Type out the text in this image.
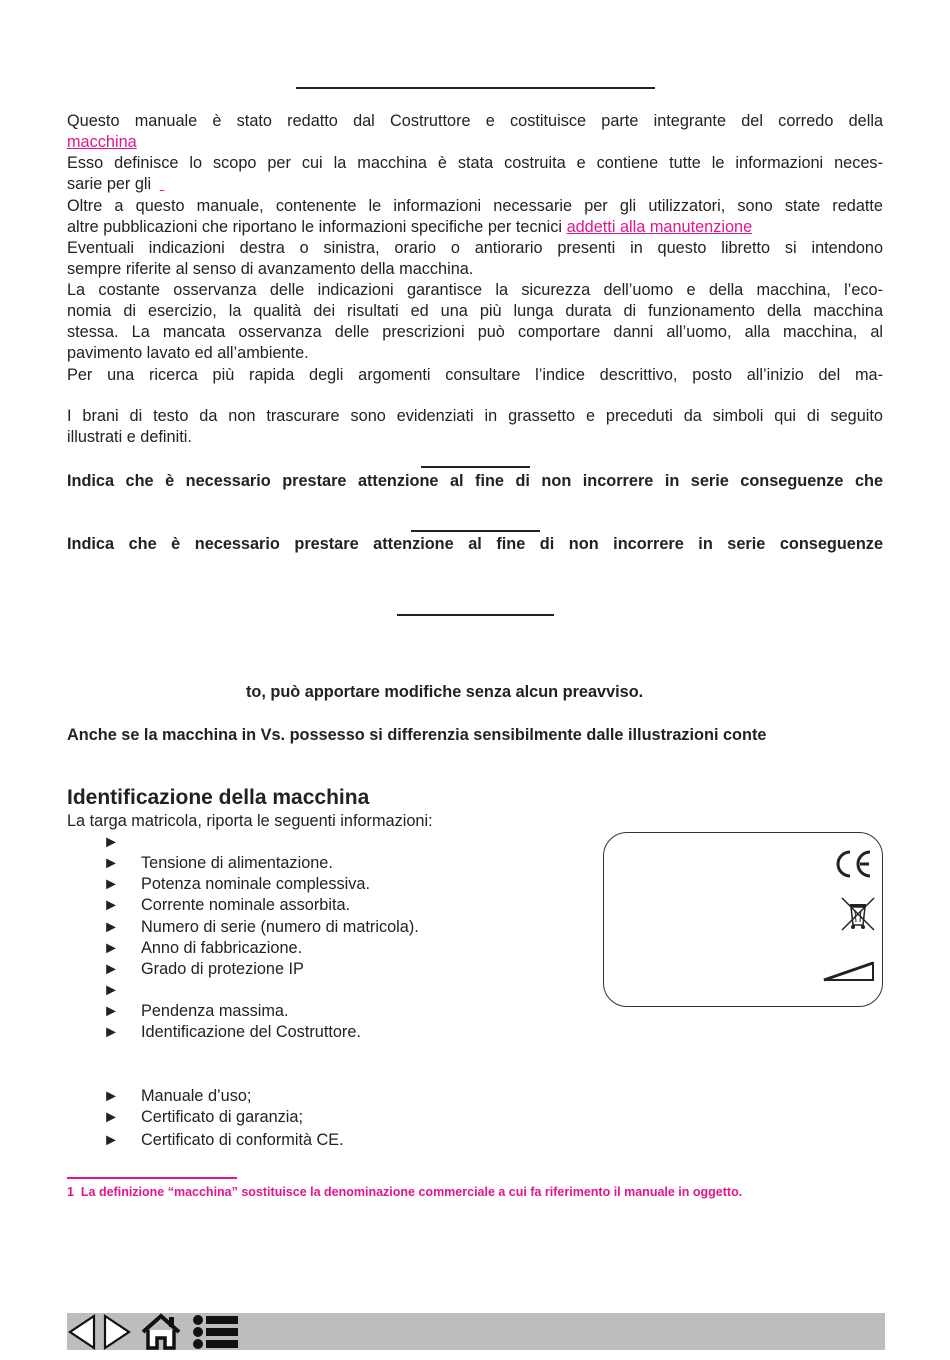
Questo manuale è stato redatto dal Costruttore e costituisce parte integrante del corredo della
macchina
Esso definisce lo scopo per cui la macchina è stata costruita e contiene tutte le informazioni neces-
sarie per gli
Oltre a questo manuale, contenente le informazioni necessarie per gli utilizzatori, sono state redatte
altre pubblicazioni che riportano le informazioni specifiche per tecnici addetti alla manutenzione
Eventuali indicazioni destra o sinistra, orario o antiorario presenti in questo libretto si intendono
sempre riferite al senso di avanzamento della macchina.
La costante osservanza delle indicazioni garantisce la sicurezza dell’uomo e della macchina, l’eco-
nomia di esercizio, la qualità dei risultati ed una più lunga durata di funzionamento della macchina
stessa. La mancata osservanza delle prescrizioni può comportare danni all’uomo, alla macchina, al
pavimento lavato ed all’ambiente.
Per una ricerca più rapida degli argomenti consultare l’indice descrittivo, posto all’inizio del ma-
I brani di testo da non trascurare sono evidenziati in grassetto e preceduti da simboli qui di seguito
illustrati e definiti.
Indica che è necessario prestare attenzione al fine di non incorrere in serie conseguenze che
Indica che è necessario prestare attenzione al fine di non incorrere in serie conseguenze
to, può apportare modifiche senza alcun preavviso.
Anche se la macchina in Vs. possesso si differenzia sensibilmente dalle illustrazioni conte
Identificazione della macchina
La targa matricola, riporta le seguenti informazioni:
►
► Tensione di alimentazione.
► Potenza nominale complessiva.
► Corrente nominale assorbita.
► Numero di serie (numero di matricola).
► Anno di fabbricazione.
► Grado di protezione IP
►
► Pendenza massima.
► Identificazione del Costruttore.
► Manuale d’uso;
► Certificato di garanzia;
► Certificato di conformità CE.
1 La definizione “macchina” sostituisce la denominazione commerciale a cui fa riferimento il manuale in oggetto.
